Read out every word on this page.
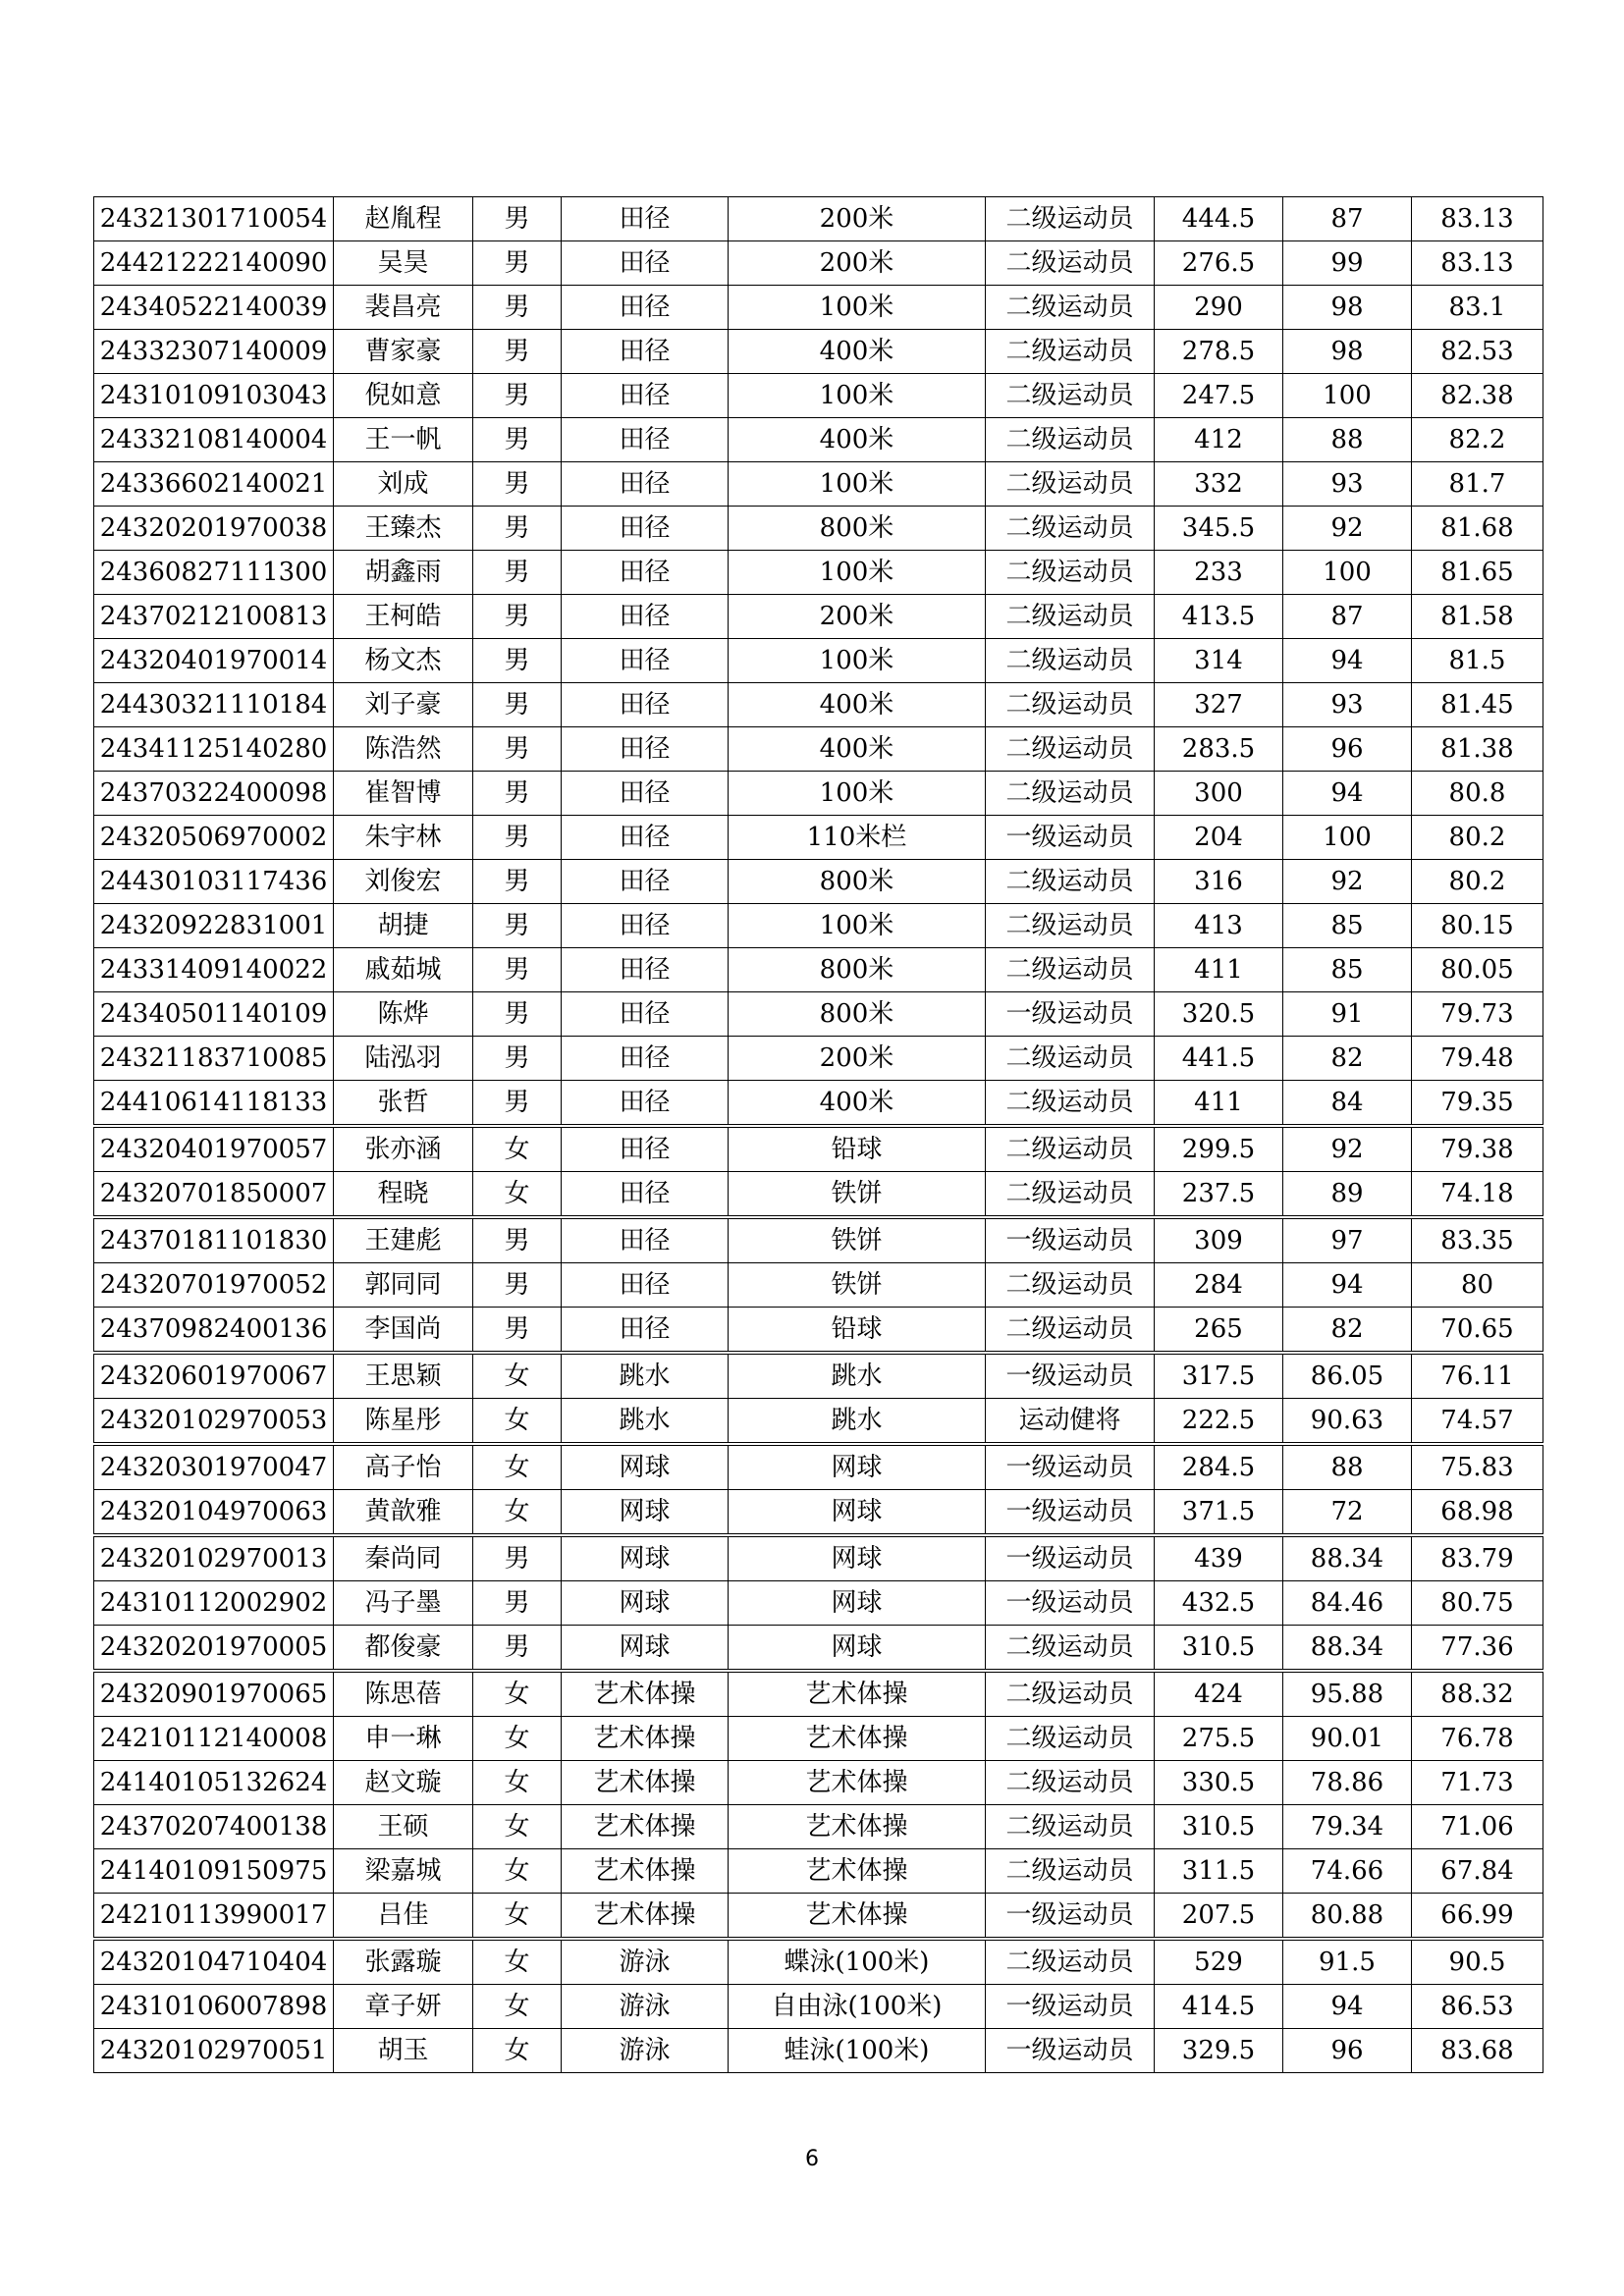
24321301710054	赵胤程	男	田径	200米	二级运动员	444.5	87	83.13
24421222140090	吴昊	男	田径	200米	二级运动员	276.5	99	83.13
24340522140039	裴昌亮	男	田径	100米	二级运动员	290	98	83.1
24332307140009	曹家豪	男	田径	400米	二级运动员	278.5	98	82.53
24310109103043	倪如意	男	田径	100米	二级运动员	247.5	100	82.38
24332108140004	王一帆	男	田径	400米	二级运动员	412	88	82.2
24336602140021	刘成	男	田径	100米	二级运动员	332	93	81.7
24320201970038	王臻杰	男	田径	800米	二级运动员	345.5	92	81.68
24360827111300	胡鑫雨	男	田径	100米	二级运动员	233	100	81.65
24370212100813	王柯皓	男	田径	200米	二级运动员	413.5	87	81.58
24320401970014	杨文杰	男	田径	100米	二级运动员	314	94	81.5
24430321110184	刘子豪	男	田径	400米	二级运动员	327	93	81.45
24341125140280	陈浩然	男	田径	400米	二级运动员	283.5	96	81.38
24370322400098	崔智博	男	田径	100米	二级运动员	300	94	80.8
24320506970002	朱宇林	男	田径	110米栏	一级运动员	204	100	80.2
24430103117436	刘俊宏	男	田径	800米	二级运动员	316	92	80.2
24320922831001	胡捷	男	田径	100米	二级运动员	413	85	80.15
24331409140022	戚茹城	男	田径	800米	二级运动员	411	85	80.05
24340501140109	陈烨	男	田径	800米	一级运动员	320.5	91	79.73
24321183710085	陆泓羽	男	田径	200米	二级运动员	441.5	82	79.48
24410614118133	张哲	男	田径	400米	二级运动员	411	84	79.35
24320401970057	张亦涵	女	田径	铅球	二级运动员	299.5	92	79.38
24320701850007	程晓	女	田径	铁饼	二级运动员	237.5	89	74.18
24370181101830	王建彪	男	田径	铁饼	一级运动员	309	97	83.35
24320701970052	郭同同	男	田径	铁饼	二级运动员	284	94	80
24370982400136	李国尚	男	田径	铅球	二级运动员	265	82	70.65
24320601970067	王思颖	女	跳水	跳水	一级运动员	317.5	86.05	76.11
24320102970053	陈星彤	女	跳水	跳水	运动健将	222.5	90.63	74.57
24320301970047	高子怡	女	网球	网球	一级运动员	284.5	88	75.83
24320104970063	黄歆雅	女	网球	网球	一级运动员	371.5	72	68.98
24320102970013	秦尚同	男	网球	网球	一级运动员	439	88.34	83.79
24310112002902	冯子墨	男	网球	网球	一级运动员	432.5	84.46	80.75
24320201970005	都俊豪	男	网球	网球	二级运动员	310.5	88.34	77.36
24320901970065	陈思蓓	女	艺术体操	艺术体操	二级运动员	424	95.88	88.32
24210112140008	申一琳	女	艺术体操	艺术体操	二级运动员	275.5	90.01	76.78
24140105132624	赵文璇	女	艺术体操	艺术体操	二级运动员	330.5	78.86	71.73
24370207400138	王硕	女	艺术体操	艺术体操	二级运动员	310.5	79.34	71.06
24140109150975	梁嘉城	女	艺术体操	艺术体操	二级运动员	311.5	74.66	67.84
24210113990017	吕佳	女	艺术体操	艺术体操	一级运动员	207.5	80.88	66.99
24320104710404	张露璇	女	游泳	蝶泳(100米)	二级运动员	529	91.5	90.5
24310106007898	章子妍	女	游泳	自由泳(100米)	一级运动员	414.5	94	86.53
24320102970051	胡玉	女	游泳	蛙泳(100米)	一级运动员	329.5	96	83.68
6
